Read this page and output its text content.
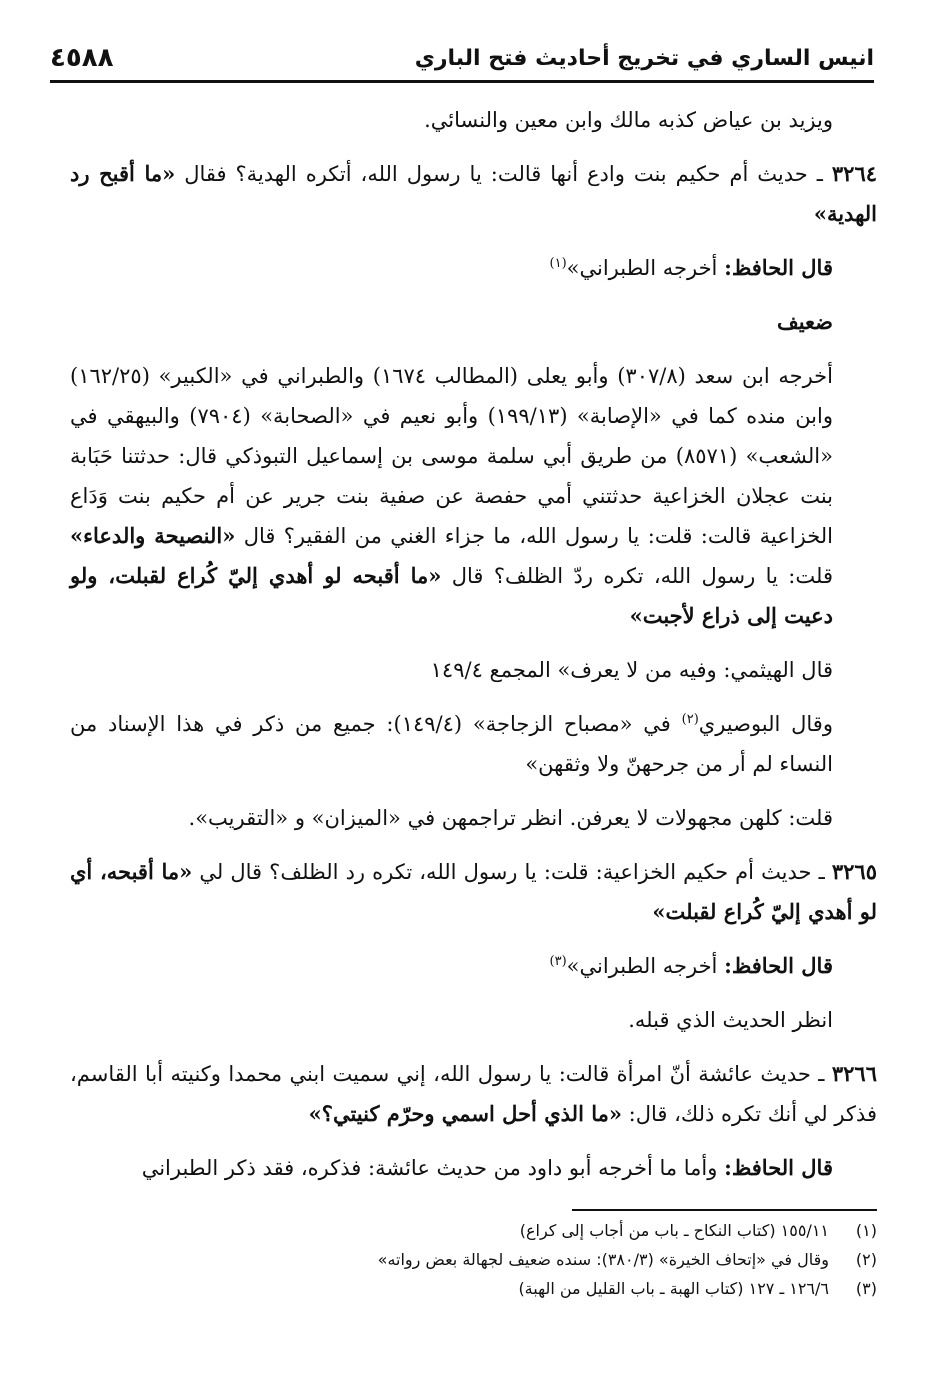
انيس الساري في تخريج أحاديث فتح الباري
٤٥٨٨

ويزيد بن عياض كذبه مالك وابن معين والنسائي.

٣٢٦٤ ـ حديث أم حكيم بنت وادع أنها قالت: يا رسول الله، أتكره الهدية؟ فقال «ما أقبح رد الهدية»

قال الحافظ: أخرجه الطبراني»$^{(١)}$

ضعيف

أخرجه ابن سعد (٣٠٧/٨) وأبو يعلى (المطالب ١٦٧٤) والطبراني في «الكبير» (١٦٢/٢٥) وابن منده كما في «الإصابة» (١٩٩/١٣) وأبو نعيم في «الصحابة» (٧٩٠٤) والبيهقي في «الشعب» (٨٥٧١) من طريق أبي سلمة موسى بن إسماعيل التبوذكي قال: حدثتنا حَبَابة بنت عجلان الخزاعية حدثتني أمي حفصة عن صفية بنت جرير عن أم حكيم بنت وَدَاع الخزاعية قالت: قلت: يا رسول الله، ما جزاء الغني من الفقير؟ قال «النصيحة والدعاء» قلت: يا رسول الله، تكره ردّ الظلف؟ قال «ما أقبحه لو أهدي إليّ كُراع لقبلت، ولو دعيت إلى ذراع لأجبت»

قال الهيثمي: وفيه من لا يعرف» المجمع ١٤٩/٤

وقال البوصيري$^{(٢)}$ في «مصباح الزجاجة» (١٤٩/٤): جميع من ذكر في هذا الإسناد من النساء لم أر من جرحهنّ ولا وثقهن»

قلت: كلهن مجهولات لا يعرفن. انظر تراجمهن في «الميزان» و «التقريب».

٣٢٦٥ ـ حديث أم حكيم الخزاعية: قلت: يا رسول الله، تكره رد الظلف؟ قال لي «ما أقبحه، أي لو أهدي إليّ كُراع لقبلت»

قال الحافظ: أخرجه الطبراني»$^{(٣)}$

انظر الحديث الذي قبله.

٣٢٦٦ ـ حديث عائشة أنّ امرأة قالت: يا رسول الله، إني سميت ابني محمدا وكنيته أبا القاسم، فذكر لي أنك تكره ذلك، قال: «ما الذي أحل اسمي وحرّم كنيتي؟»

قال الحافظ: وأما ما أخرجه أبو داود من حديث عائشة: فذكره، فقد ذكر الطبراني

(١)
١٥٥/١١ (كتاب النكاح ـ باب من أجاب إلى كراع)
(٢)
وقال في «إتحاف الخيرة» (٣٨٠/٣): سنده ضعيف لجهالة بعض رواته»
(٣)
١٢٦/٦ ـ ١٢٧ (كتاب الهبة ـ باب القليل من الهبة)
